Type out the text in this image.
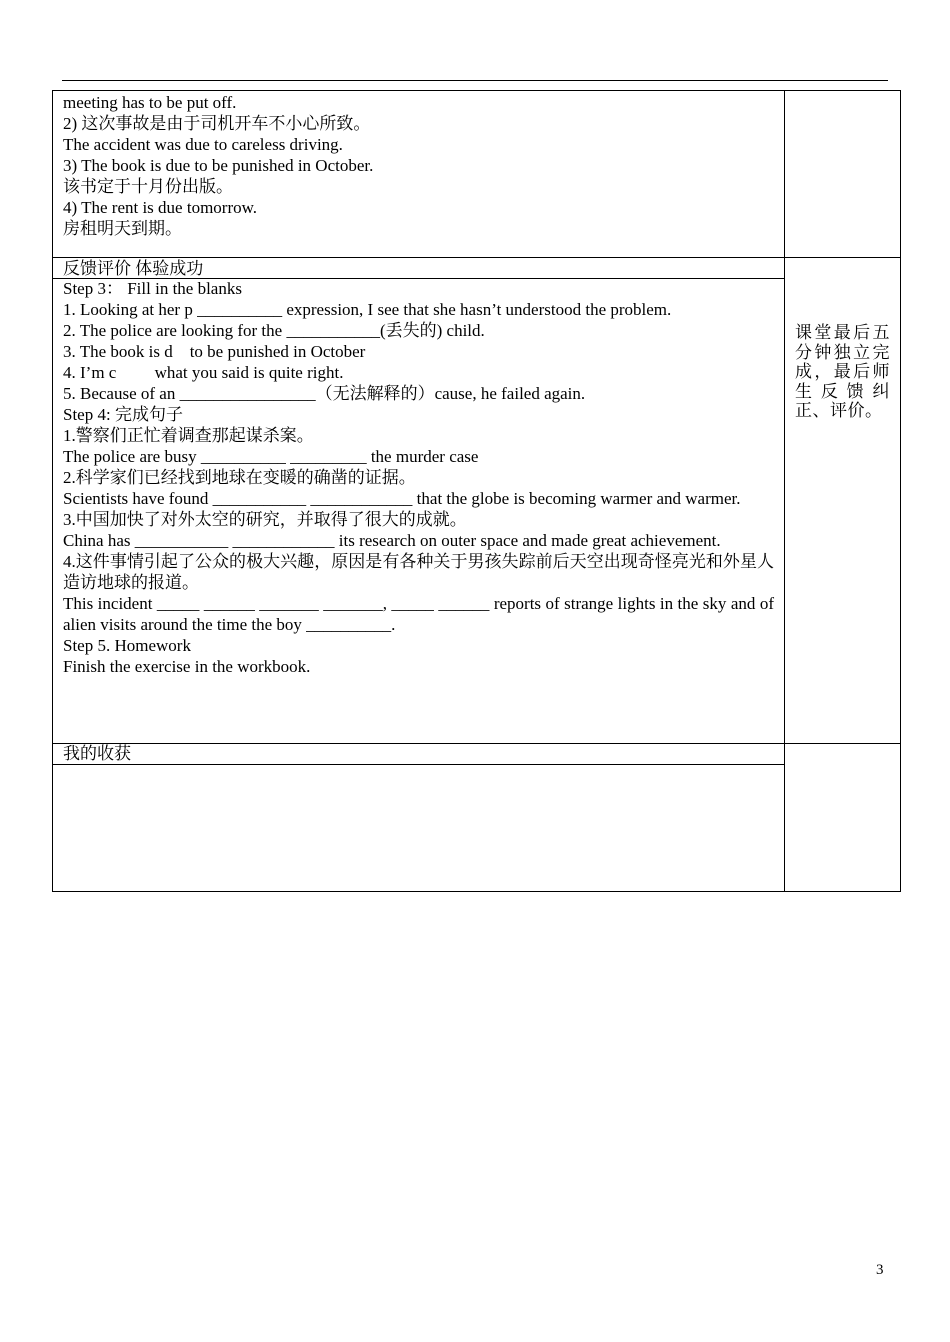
meeting has to be put off.
2) 这次事故是由于司机开车不小心所致。
The accident was due to careless driving.
3) The book is due to be punished in October.
该书定于十月份出版。
4) The rent is due tomorrow.
房租明天到期。
反馈评价 体验成功
Step 3： Fill in the blanks
1. Looking at her p __________ expression, I see that she hasn’t understood the problem.
2. The police are looking for the ___________(丢失的) child.
3. The book is d    to be punished in October
4. I’m c         what you said is quite right.
5. Because of an ________________（无法解释的）cause, he failed again.
Step 4: 完成句子
1.警察们正忙着调查那起谋杀案。
The police are busy __________ _________ the murder case
2.科学家们已经找到地球在变暖的确凿的证据。
Scientists have found ___________ ____________ that the globe is becoming warmer and warmer.
3.中国加快了对外太空的研究，并取得了很大的成就。
China has ___________ ____________ its research on outer space and made great achievement.
4.这件事情引起了公众的极大兴趣，原因是有各种关于男孩失踪前后天空出现奇怪亮光和外星人造访地球的报道。
This incident _____ ______ _______ _______, _____ ______ reports of strange lights in the sky and of alien visits around the time the boy __________.
Step 5. Homework
Finish the exercise in the workbook.
课堂最后五分钟独立完成，最后师生反馈纠正、评价。
我的收获
3
